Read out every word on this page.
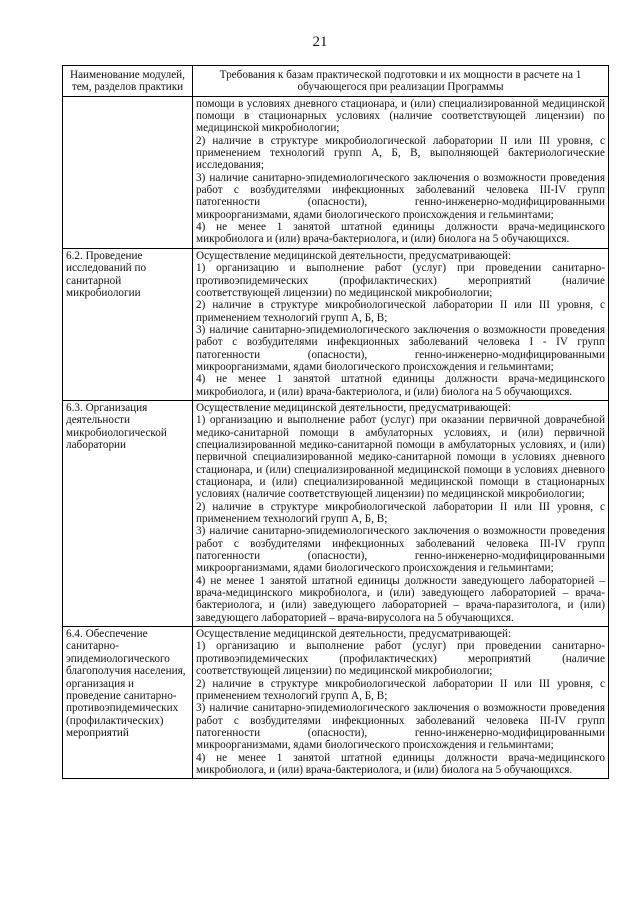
21
Наименование модулей, тем, разделов практики	Требования к базам практической подготовки и их мощности в расчете на 1 обучающегося при реализации Программы

	помощи в условиях дневного стационара, и (или) специализированной медицинской помощи в стационарных условиях (наличие соответствующей лицензии) по медицинской микробиологии;
2) наличие в структуре микробиологической лаборатории II или III уровня, с применением технологий групп А, Б, В, выполняющей бактериологические исследования;
3) наличие санитарно-эпидемиологического заключения о возможности проведения работ с возбудителями инфекционных заболеваний человека III-IV групп патогенности (опасности), генно-инженерно-модифицированными микроорганизмами, ядами биологического происхождения и гельминтами;
4) не менее 1 занятой штатной единицы должности врача-медицинского микробиолога и (или) врача-бактериолога, и (или) биолога на 5 обучающихся.

6.2. Проведение исследований по санитарной микробиологии	Осуществление медицинской деятельности, предусматривающей:
1) организацию и выполнение работ (услуг) при проведении санитарно-противоэпидемических (профилактических) мероприятий (наличие соответствующей лицензии) по медицинской микробиологии;
2) наличие в структуре микробиологической лаборатории II или III уровня, с применением технологий групп А, Б, В;
3) наличие санитарно-эпидемиологического заключения о возможности проведения работ с возбудителями инфекционных заболеваний человека I - IV групп патогенности (опасности), генно-инженерно-модифицированными микроорганизмами, ядами биологического происхождения и гельминтами;
4) не менее 1 занятой штатной единицы должности врача-медицинского микробиолога, и (или) врача-бактериолога, и (или) биолога на 5 обучающихся.

6.3. Организация деятельности микробиологической лаборатории	Осуществление медицинской деятельности, предусматривающей:
1) организацию и выполнение работ (услуг) при оказании первичной доврачебной медико-санитарной помощи в амбулаторных условиях, и (или) первичной специализированной медико-санитарной помощи в амбулаторных условиях, и (или) первичной специализированной медико-санитарной помощи в условиях дневного стационара, и (или) специализированной медицинской помощи в условиях дневного стационара, и (или) специализированной медицинской помощи в стационарных условиях (наличие соответствующей лицензии) по медицинской микробиологии;
2) наличие в структуре микробиологической лаборатории II или III уровня, с применением технологий групп А, Б, В;
3) наличие санитарно-эпидемиологического заключения о возможности проведения работ с возбудителями инфекционных заболеваний человека III-IV групп патогенности (опасности), генно-инженерно-модифицированными микроорганизмами, ядами биологического происхождения и гельминтами;
4) не менее 1 занятой штатной единицы должности заведующего лабораторией – врача-медицинского микробиолога, и (или) заведующего лабораторией – врача-бактериолога, и (или) заведующего лабораторией – врача-паразитолога, и (или) заведующего лабораторией – врача-вирусолога на 5 обучающихся.

6.4. Обеспечение санитарно-эпидемиологического благополучия населения, организация и проведение санитарно-противоэпидемических (профилактических) мероприятий	Осуществление медицинской деятельности, предусматривающей:
1) организацию и выполнение работ (услуг) при проведении санитарно-противоэпидемических (профилактических) мероприятий (наличие соответствующей лицензии) по медицинской микробиологии;
2) наличие в структуре микробиологической лаборатории II или III уровня, с применением технологий групп А, Б, В;
3) наличие санитарно-эпидемиологического заключения о возможности проведения работ с возбудителями инфекционных заболеваний человека III-IV групп патогенности (опасности), генно-инженерно-модифицированными микроорганизмами, ядами биологического происхождения и гельминтами;
4) не менее 1 занятой штатной единицы должности врача-медицинского микробиолога, и (или) врача-бактериолога, и (или) биолога на 5 обучающихся.
